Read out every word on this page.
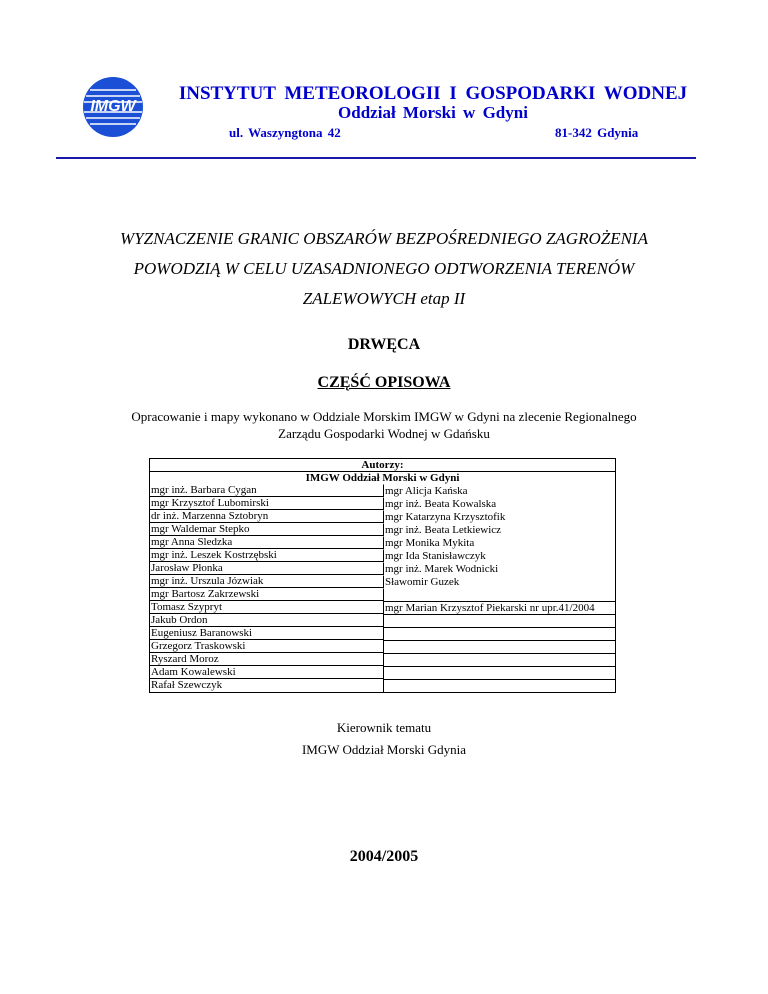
IMGW
INSTYTUT METEOROLOGII I GOSPODARKI WODNEJ
Oddział Morski w Gdyni
ul. Waszyngtona 42	81-342 Gdynia
WYZNACZENIE GRANIC OBSZARÓW BEZPOŚREDNIEGO ZAGROŻENIA
POWODZIĄ W CELU UZASADNIONEGO ODTWORZENIA TERENÓW
ZALEWOWYCH etap II
DRWĘCA
CZĘŚĆ OPISOWA
Opracowanie i mapy wykonano w Oddziale Morskim IMGW w Gdyni na zlecenie Regionalnego
Zarządu Gospodarki Wodnej w Gdańsku
Autorzy:
IMGW Oddział Morski w Gdyni
mgr inż. Barbara Cygan
mgr Krzysztof Lubomirski
dr inż. Marzenna Sztobryn
mgr Waldemar Stepko
mgr Anna Sledzka
mgr inż. Leszek Kostrzębski
Jarosław Płonka
mgr inż. Urszula Józwiak
mgr Bartosz Zakrzewski
Tomasz Szypryt
Jakub Ordon
Eugeniusz Baranowski
Grzegorz Traskowski
Ryszard Moroz
Adam Kowalewski
Rafał Szewczyk
mgr Alicja Kańska
mgr inż. Beata Kowalska
mgr Katarzyna Krzysztofik
mgr inż. Beata Letkiewicz
mgr Monika Mykita
mgr Ida Stanisławczyk
mgr inż. Marek Wodnicki
Sławomir Guzek
mgr Marian Krzysztof Piekarski nr upr.41/2004
Kierownik tematu
IMGW Oddział Morski Gdynia
2004/2005
